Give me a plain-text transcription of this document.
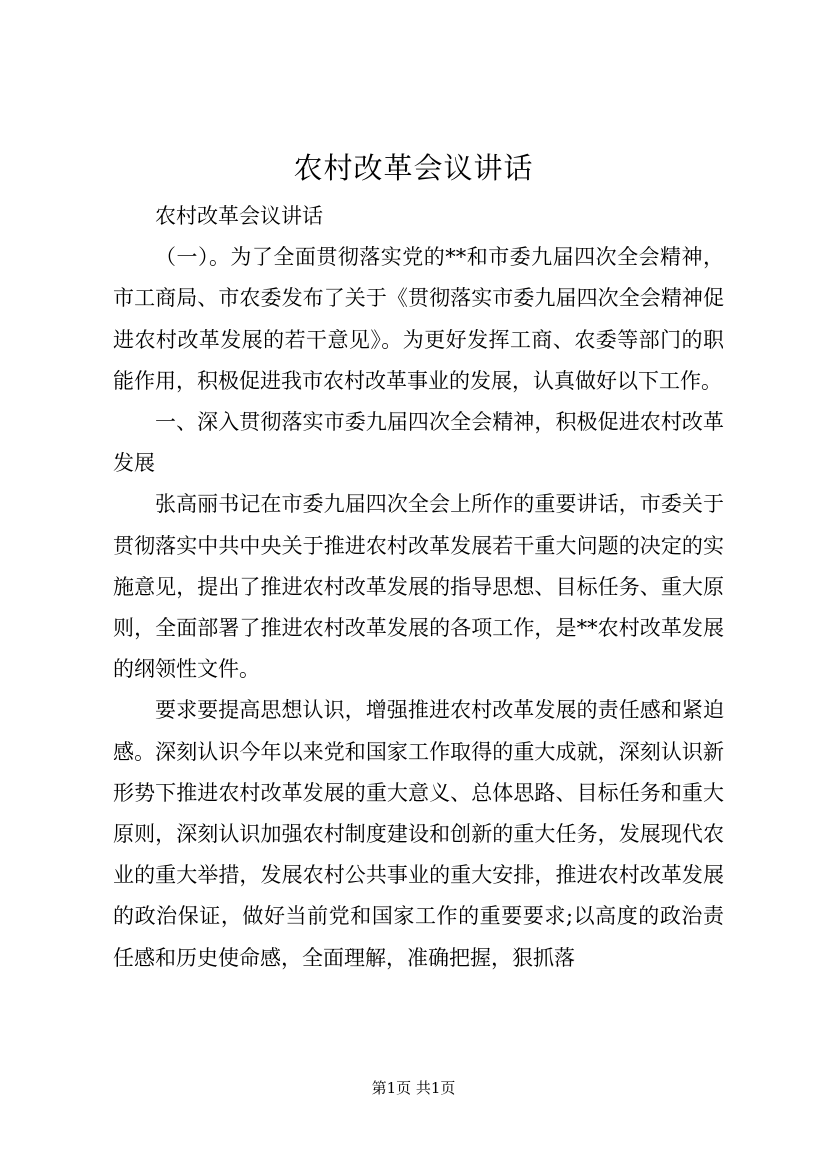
农村改革会议讲话

农村改革会议讲话

（一）。为了全面贯彻落实党的**和市委九届四次全会精神，市工商局、市农委发布了关于《贯彻落实市委九届四次全会精神促进农村改革发展的若干意见》。为更好发挥工商、农委等部门的职能作用，积极促进我市农村改革事业的发展，认真做好以下工作。

一、深入贯彻落实市委九届四次全会精神，积极促进农村改革发展

张高丽书记在市委九届四次全会上所作的重要讲话，市委关于贯彻落实中共中央关于推进农村改革发展若干重大问题的决定的实施意见，提出了推进农村改革发展的指导思想、目标任务、重大原则，全面部署了推进农村改革发展的各项工作，是**农村改革发展的纲领性文件。

要求要提高思想认识，增强推进农村改革发展的责任感和紧迫感。深刻认识今年以来党和国家工作取得的重大成就，深刻认识新形势下推进农村改革发展的重大意义、总体思路、目标任务和重大原则，深刻认识加强农村制度建设和创新的重大任务，发展现代农业的重大举措，发展农村公共事业的重大安排，推进农村改革发展的政治保证，做好当前党和国家工作的重要要求;以高度的政治责任感和历史使命感，全面理解，准确把握，狠抓落

第1页 共1页
